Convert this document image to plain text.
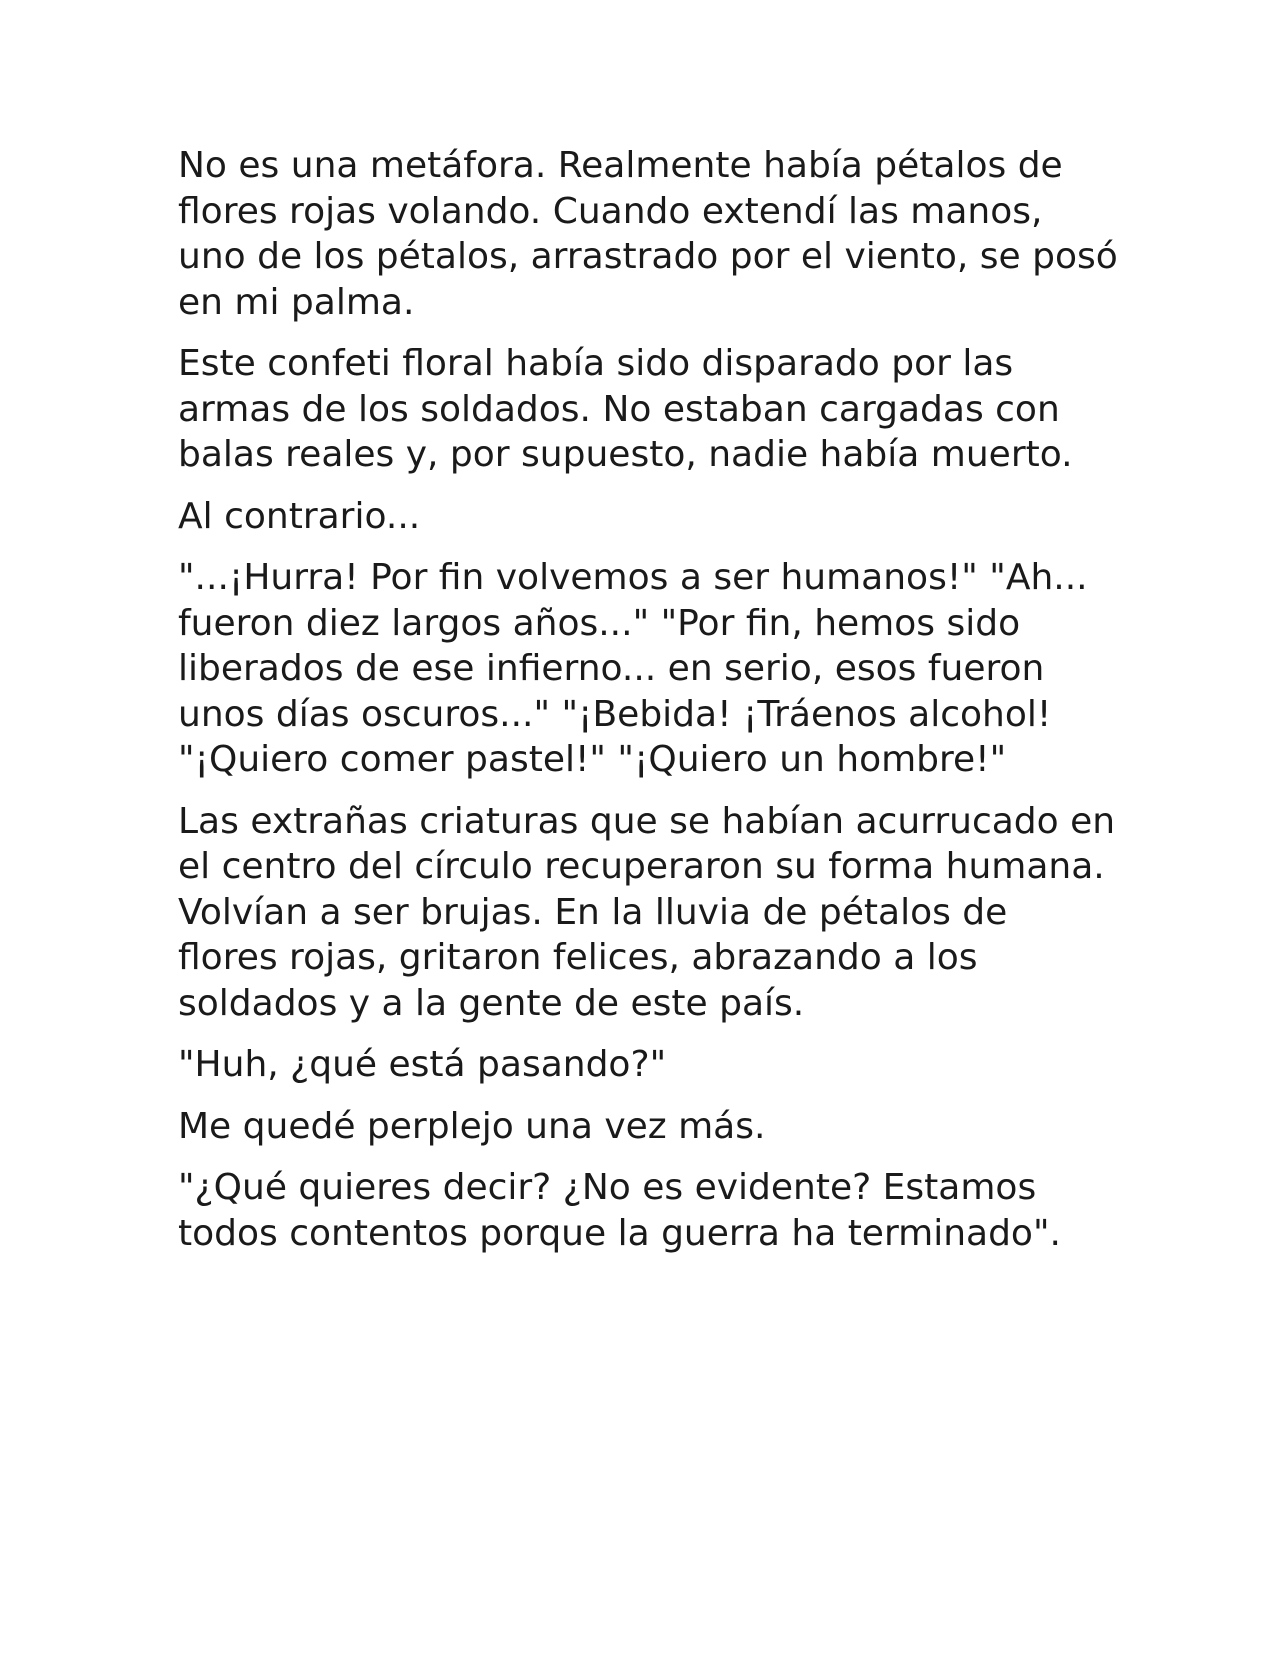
No es una metáfora. Realmente había pétalos de flores rojas volando. Cuando extendí las manos, uno de los pétalos, arrastrado por el viento, se posó en mi palma.

Este confeti floral había sido disparado por las armas de los soldados. No estaban cargadas con balas reales y, por supuesto, nadie había muerto.

Al contrario...

"...¡Hurra! Por fin volvemos a ser humanos!" "Ah... fueron diez largos años..." "Por fin, hemos sido liberados de ese infierno... en serio, esos fueron unos días oscuros..." "¡Bebida! ¡Tráenos alcohol! "¡Quiero comer pastel!" "¡Quiero un hombre!"

Las extrañas criaturas que se habían acurrucado en el centro del círculo recuperaron su forma humana. Volvían a ser brujas. En la lluvia de pétalos de flores rojas, gritaron felices, abrazando a los soldados y a la gente de este país.

"Huh, ¿qué está pasando?"

Me quedé perplejo una vez más.

"¿Qué quieres decir? ¿No es evidente? Estamos todos contentos porque la guerra ha terminado".
